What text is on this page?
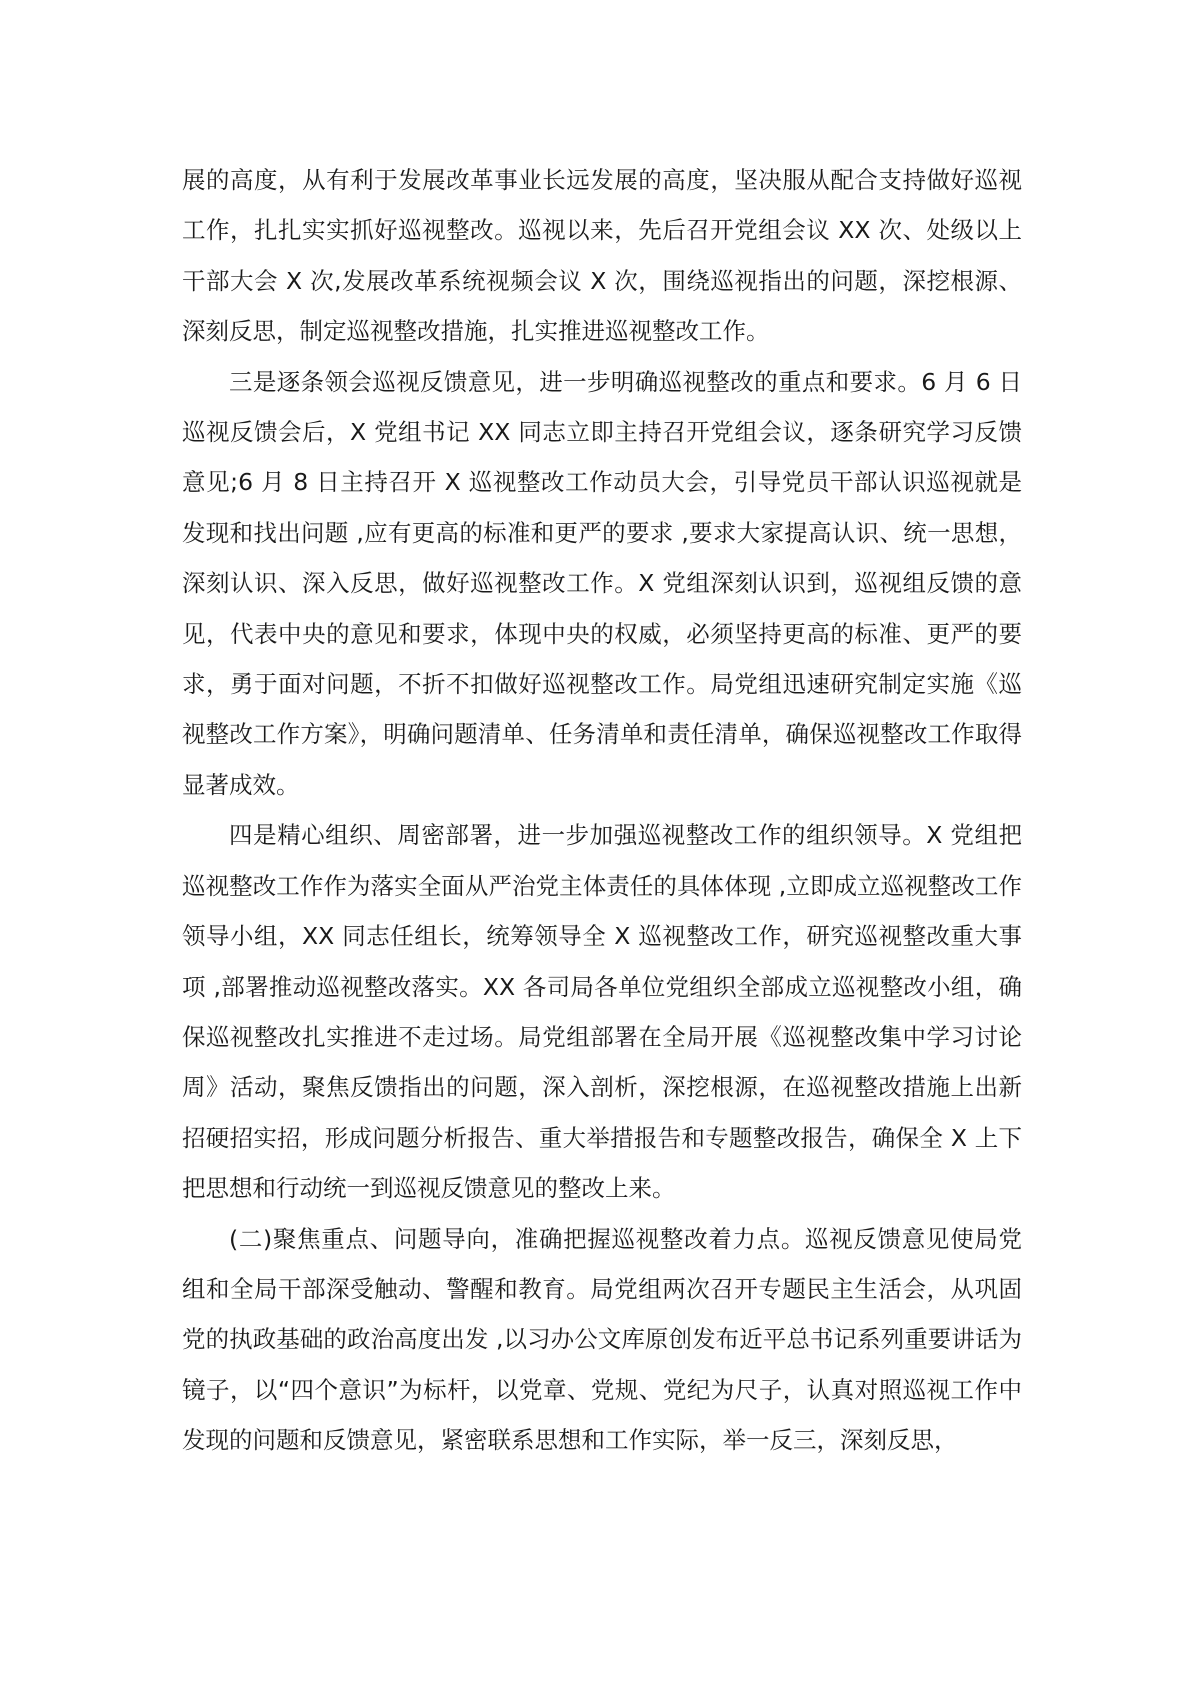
展的高度，从有利于发展改革事业长远发展的高度，坚决服从配合支持做好巡视工作，扎扎实实抓好巡视整改。巡视以来，先后召开党组会议 XX 次、处级以上干部大会 X 次,发展改革系统视频会议 X 次，围绕巡视指出的问题，深挖根源、深刻反思，制定巡视整改措施，扎实推进巡视整改工作。

三是逐条领会巡视反馈意见，进一步明确巡视整改的重点和要求。6 月 6 日巡视反馈会后，X 党组书记 XX 同志立即主持召开党组会议，逐条研究学习反馈意见;6 月 8 日主持召开 X 巡视整改工作动员大会，引导党员干部认识巡视就是发现和找出问题 ,应有更高的标准和更严的要求 ,要求大家提高认识、统一思想，深刻认识、深入反思，做好巡视整改工作。X 党组深刻认识到，巡视组反馈的意见，代表中央的意见和要求，体现中央的权威，必须坚持更高的标准、更严的要求，勇于面对问题，不折不扣做好巡视整改工作。局党组迅速研究制定实施《巡视整改工作方案》，明确问题清单、任务清单和责任清单，确保巡视整改工作取得显著成效。

四是精心组织、周密部署，进一步加强巡视整改工作的组织领导。X 党组把巡视整改工作作为落实全面从严治党主体责任的具体体现 ,立即成立巡视整改工作领导小组，XX 同志任组长，统筹领导全 X 巡视整改工作，研究巡视整改重大事项 ,部署推动巡视整改落实。XX 各司局各单位党组织全部成立巡视整改小组，确保巡视整改扎实推进不走过场。局党组部署在全局开展《巡视整改集中学习讨论周》活动，聚焦反馈指出的问题，深入剖析，深挖根源，在巡视整改措施上出新招硬招实招，形成问题分析报告、重大举措报告和专题整改报告，确保全 X 上下把思想和行动统一到巡视反馈意见的整改上来。

(二)聚焦重点、问题导向，准确把握巡视整改着力点。巡视反馈意见使局党组和全局干部深受触动、警醒和教育。局党组两次召开专题民主生活会，从巩固党的执政基础的政治高度出发 ,以习办公文库原创发布近平总书记系列重要讲话为镜子，以“四个意识”为标杆，以党章、党规、党纪为尺子，认真对照巡视工作中发现的问题和反馈意见，紧密联系思想和工作实际，举一反三，深刻反思，
